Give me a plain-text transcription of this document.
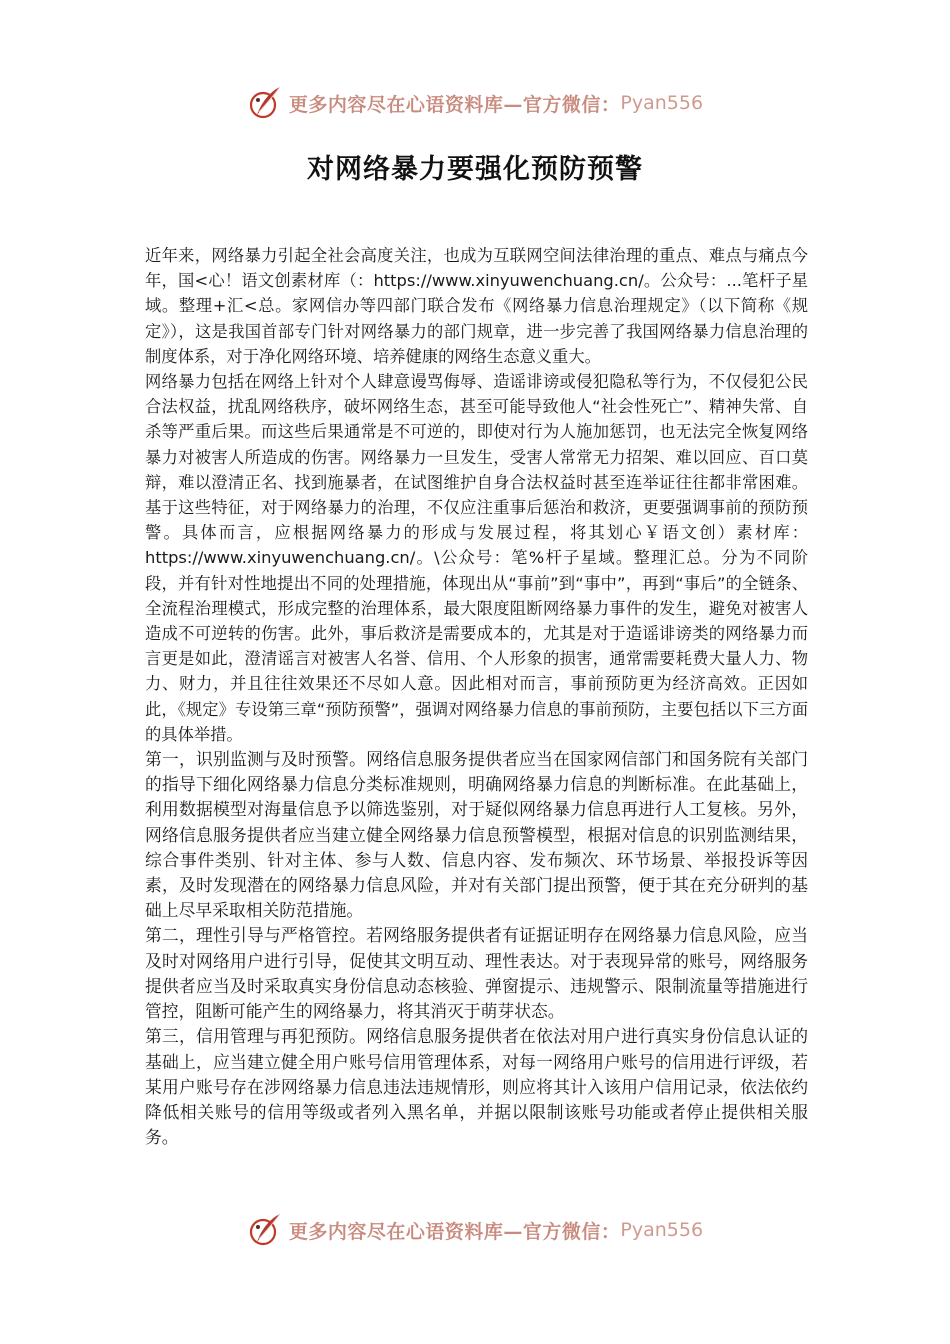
更多内容尽在心语资料库—官方微信： Pyan556
对网络暴力要强化预防预警

近年来，网络暴力引起全社会高度关注，也成为互联网空间法律治理的重点、难点与痛点今年，国<心！语文创素材库（：https://www.xinyuwenchuang.cn/。公众号：...笔杆子星域。整理+汇<总。家网信办等四部门联合发布《网络暴力信息治理规定》（以下简称《规定》），这是我国首部专门针对网络暴力的部门规章，进一步完善了我国网络暴力信息治理的制度体系，对于净化网络环境、培养健康的网络生态意义重大。

网络暴力包括在网络上针对个人肆意谩骂侮辱、造谣诽谤或侵犯隐私等行为，不仅侵犯公民合法权益，扰乱网络秩序，破坏网络生态，甚至可能导致他人“社会性死亡”、精神失常、自杀等严重后果。而这些后果通常是不可逆的，即使对行为人施加惩罚，也无法完全恢复网络暴力对被害人所造成的伤害。网络暴力一旦发生，受害人常常无力招架、难以回应、百口莫辩，难以澄清正名、找到施暴者，在试图维护自身合法权益时甚至连举证往往都非常困难。基于这些特征，对于网络暴力的治理，不仅应注重事后惩治和救济，更要强调事前的预防预警。具体而言，应根据网络暴力的形成与发展过程，将其划心￥语文创）素材库：https://www.xinyuwenchuang.cn/。\公众号：笔%杆子星域。整理汇总。分为不同阶段，并有针对性地提出不同的处理措施，体现出从“事前”到“事中”，再到“事后”的全链条、全流程治理模式，形成完整的治理体系，最大限度阻断网络暴力事件的发生，避免对被害人造成不可逆转的伤害。此外，事后救济是需要成本的，尤其是对于造谣诽谤类的网络暴力而言更是如此，澄清谣言对被害人名誉、信用、个人形象的损害，通常需要耗费大量人力、物力、财力，并且往往效果还不尽如人意。因此相对而言，事前预防更为经济高效。正因如此，《规定》专设第三章“预防预警”，强调对网络暴力信息的事前预防，主要包括以下三方面的具体举措。

第一，识别监测与及时预警。网络信息服务提供者应当在国家网信部门和国务院有关部门的指导下细化网络暴力信息分类标准规则，明确网络暴力信息的判断标准。在此基础上，利用数据模型对海量信息予以筛选鉴别，对于疑似网络暴力信息再进行人工复核。另外，网络信息服务提供者应当建立健全网络暴力信息预警模型，根据对信息的识别监测结果，综合事件类别、针对主体、参与人数、信息内容、发布频次、环节场景、举报投诉等因素，及时发现潜在的网络暴力信息风险，并对有关部门提出预警，便于其在充分研判的基础上尽早采取相关防范措施。

第二，理性引导与严格管控。若网络服务提供者有证据证明存在网络暴力信息风险，应当及时对网络用户进行引导，促使其文明互动、理性表达。对于表现异常的账号，网络服务提供者应当及时采取真实身份信息动态核验、弹窗提示、违规警示、限制流量等措施进行管控，阻断可能产生的网络暴力，将其消灭于萌芽状态。

第三，信用管理与再犯预防。网络信息服务提供者在依法对用户进行真实身份信息认证的基础上，应当建立健全用户账号信用管理体系，对每一网络用户账号的信用进行评级，若某用户账号存在涉网络暴力信息违法违规情形，则应将其计入该用户信用记录，依法依约降低相关账号的信用等级或者列入黑名单，并据以限制该账号功能或者停止提供相关服务。

更多内容尽在心语资料库—官方微信： Pyan556
